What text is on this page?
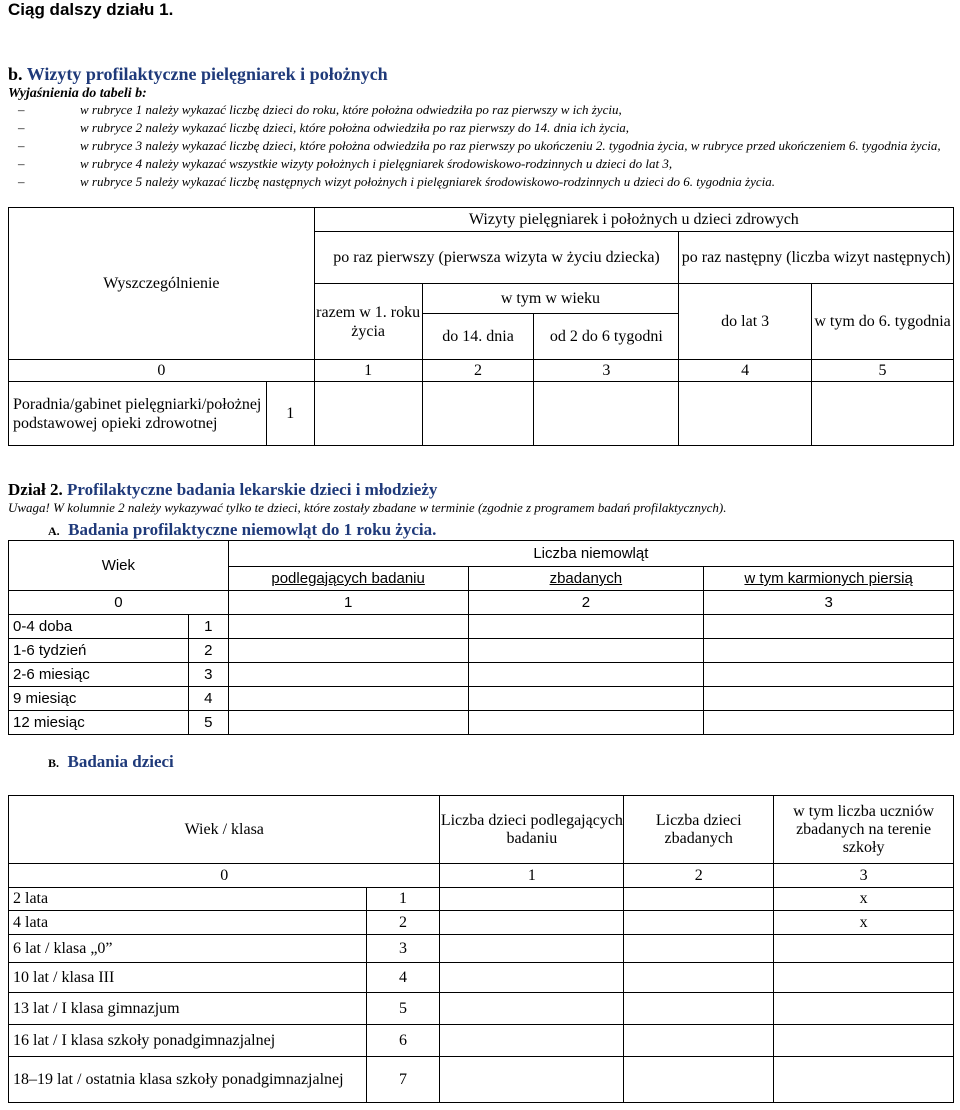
Ciąg dalszy działu 1.
b. Wizyty profilaktyczne pielęgniarek i położnych
Wyjaśnienia do tabeli b:
–	w rubryce 1 należy wykazać liczbę dzieci do roku, które położna odwiedziła po raz pierwszy w ich życiu,
–	w rubryce 2 należy wykazać liczbę dzieci, które położna odwiedziła po raz pierwszy do 14. dnia ich życia,
–	w rubryce 3 należy wykazać liczbę dzieci, które położna odwiedziła po raz pierwszy po ukończeniu 2. tygodnia życia, w rubryce przed ukończeniem 6. tygodnia życia,
–	w rubryce 4 należy wykazać wszystkie wizyty położnych i pielęgniarek środowiskowo-rodzinnych u dzieci do lat 3,
–	w rubryce 5 należy wykazać liczbę następnych wizyt położnych i pielęgniarek środowiskowo-rodzinnych u dzieci do 6. tygodnia życia.
Wyszczególnienie		Wizyty pielęgniarek i położnych u dzieci zdrowych				
		po raz pierwszy (pierwsza wizyta w życiu dziecka)			po raz następny (liczba wizyt następnych)	
		razem w 1. roku życia	w tym w wieku		do lat 3	w tym do 6. tygodnia
			do 14. dnia	od 2 do 6 tygodni		
0		1	2	3	4	5
Poradnia/gabinet pielęgniarki/położnej podstawowej opieki zdrowotnej	1					
Dział 2. Profilaktyczne badania lekarskie dzieci i młodzieży
Uwaga! W kolumnie 2 należy wykazywać tylko te dzieci, które zostały zbadane w terminie (zgodnie z programem badań profilaktycznych).
A. Badania profilaktyczne niemowląt do 1 roku życia.
Wiek		Liczba niemowląt		
		podlegających badaniu	zbadanych	w tym karmionych piersią
0		1	2	3
0-4 doba	1			
1-6 tydzień	2			
2-6 miesiąc	3			
9 miesiąc	4			
12 miesiąc	5			
B. Badania dzieci
Wiek / klasa		Liczba dzieci podlegających badaniu	Liczba dzieci zbadanych	w tym liczba uczniów zbadanych na terenie szkoły
0		1	2	3
2 lata	1			x
4 lata	2			x
6 lat / klasa „0”	3			
10 lat / klasa III	4			
13 lat / I klasa gimnazjum	5			
16 lat / I klasa szkoły ponadgimnazjalnej	6			
18–19 lat / ostatnia klasa szkoły ponadgimnazjalnej	7			
